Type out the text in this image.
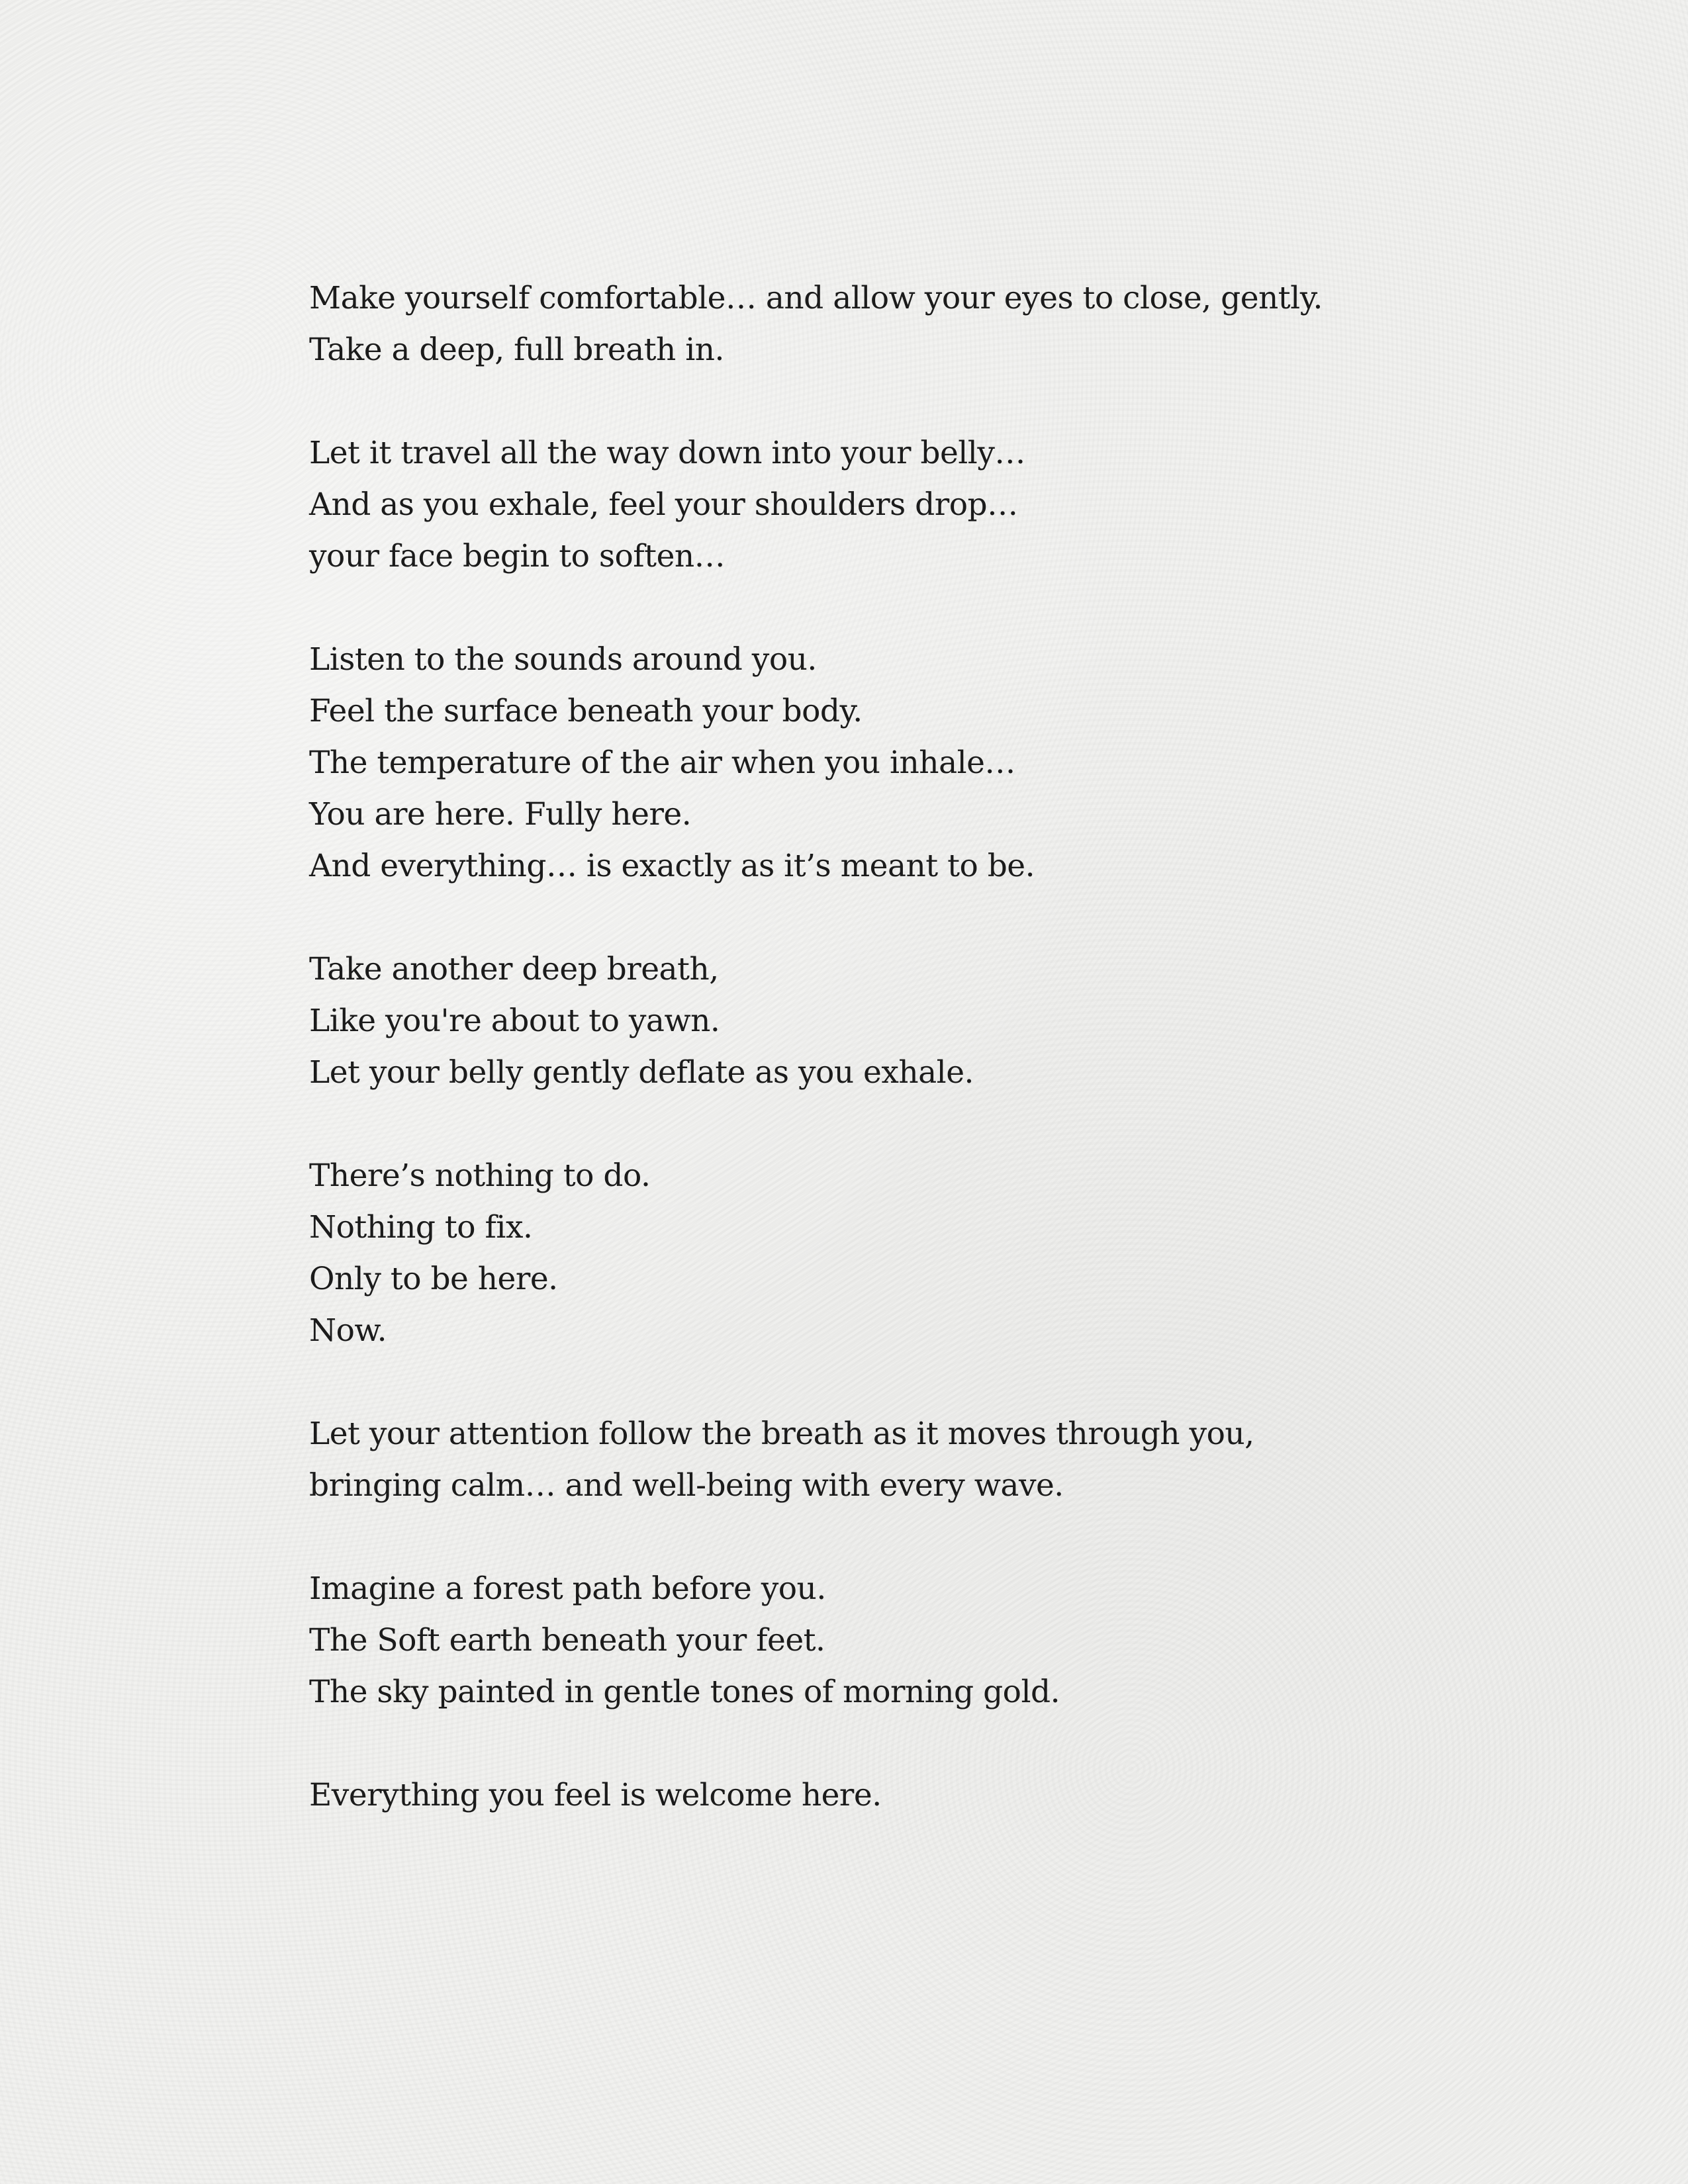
Make yourself comfortable… and allow your eyes to close, gently.
Take a deep, full breath in.
Let it travel all the way down into your belly…
And as you exhale, feel your shoulders drop…
your face begin to soften…
Listen to the sounds around you.
Feel the surface beneath your body.
The temperature of the air when you inhale…
You are here. Fully here.
And everything… is exactly as it’s meant to be.
Take another deep breath,
Like you're about to yawn.
Let your belly gently deflate as you exhale.
There’s nothing to do.
Nothing to fix.
Only to be here.
Now.
Let your attention follow the breath as it moves through you,
bringing calm… and well-being with every wave.
Imagine a forest path before you.
The Soft earth beneath your feet.
The sky painted in gentle tones of morning gold.
Everything you feel is welcome here.
